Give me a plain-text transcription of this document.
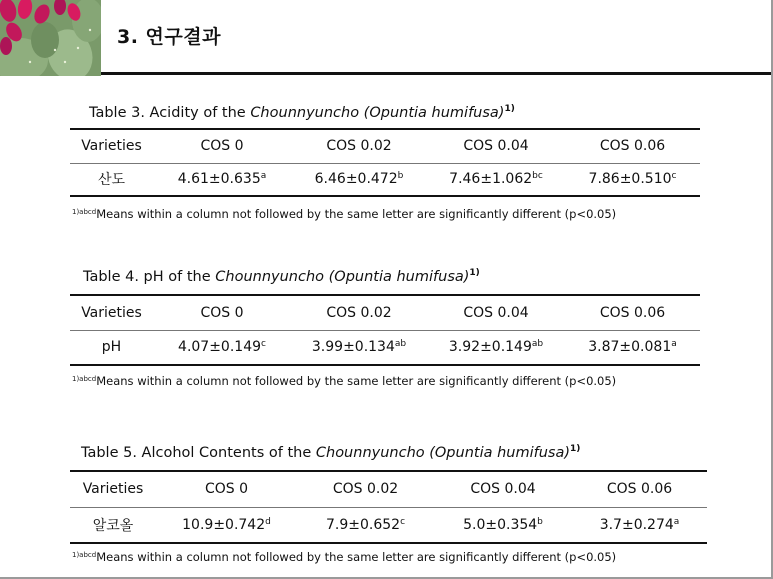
3. 연구결과
Table 3. Acidity of the Chounnyuncho (Opuntia humifusa)$^{1)}$
Varieties	COS 0	COS 0.02	COS 0.04	COS 0.06
산도	4.61±0.635$^a$	6.46±0.472$^b$	7.46±1.062$^{bc}$	7.86±0.510$^c$
$^{1)abcd}$Means within a column not followed by the same letter are significantly different (p<0.05)
Table 4. pH of the Chounnyuncho (Opuntia humifusa)$^{1)}$
Varieties	COS 0	COS 0.02	COS 0.04	COS 0.06
pH	4.07±0.149$^c$	3.99±0.134$^{ab}$	3.92±0.149$^{ab}$	3.87±0.081$^a$
$^{1)abcd}$Means within a column not followed by the same letter are significantly different (p<0.05)
Table 5. Alcohol Contents of the Chounnyuncho (Opuntia humifusa)$^{1)}$
Varieties	COS 0	COS 0.02	COS 0.04	COS 0.06
알코올	10.9±0.742$^d$	7.9±0.652$^c$	5.0±0.354$^b$	3.7±0.274$^a$
$^{1)abcd}$Means within a column not followed by the same letter are significantly different (p<0.05)
